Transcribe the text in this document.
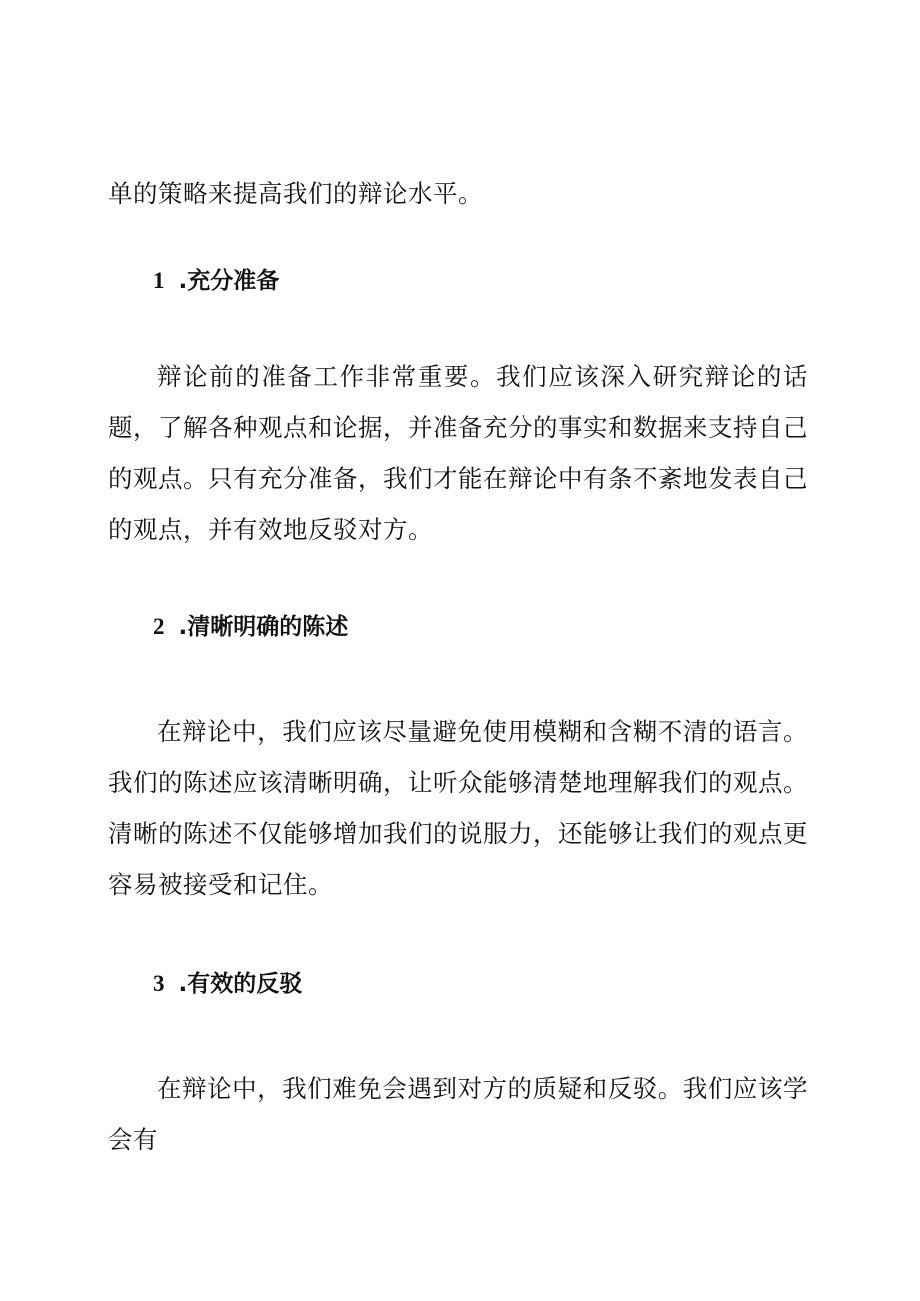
单的策略来提高我们的辩论水平。

1 .充分准备

辩论前的准备工作非常重要。我们应该深入研究辩论的话题，了解各种观点和论据，并准备充分的事实和数据来支持自己的观点。只有充分准备，我们才能在辩论中有条不紊地发表自己的观点，并有效地反驳对方。

2 .清晰明确的陈述

在辩论中，我们应该尽量避免使用模糊和含糊不清的语言。我们的陈述应该清晰明确，让听众能够清楚地理解我们的观点。清晰的陈述不仅能够增加我们的说服力，还能够让我们的观点更容易被接受和记住。

3 .有效的反驳

在辩论中，我们难免会遇到对方的质疑和反驳。我们应该学会有
